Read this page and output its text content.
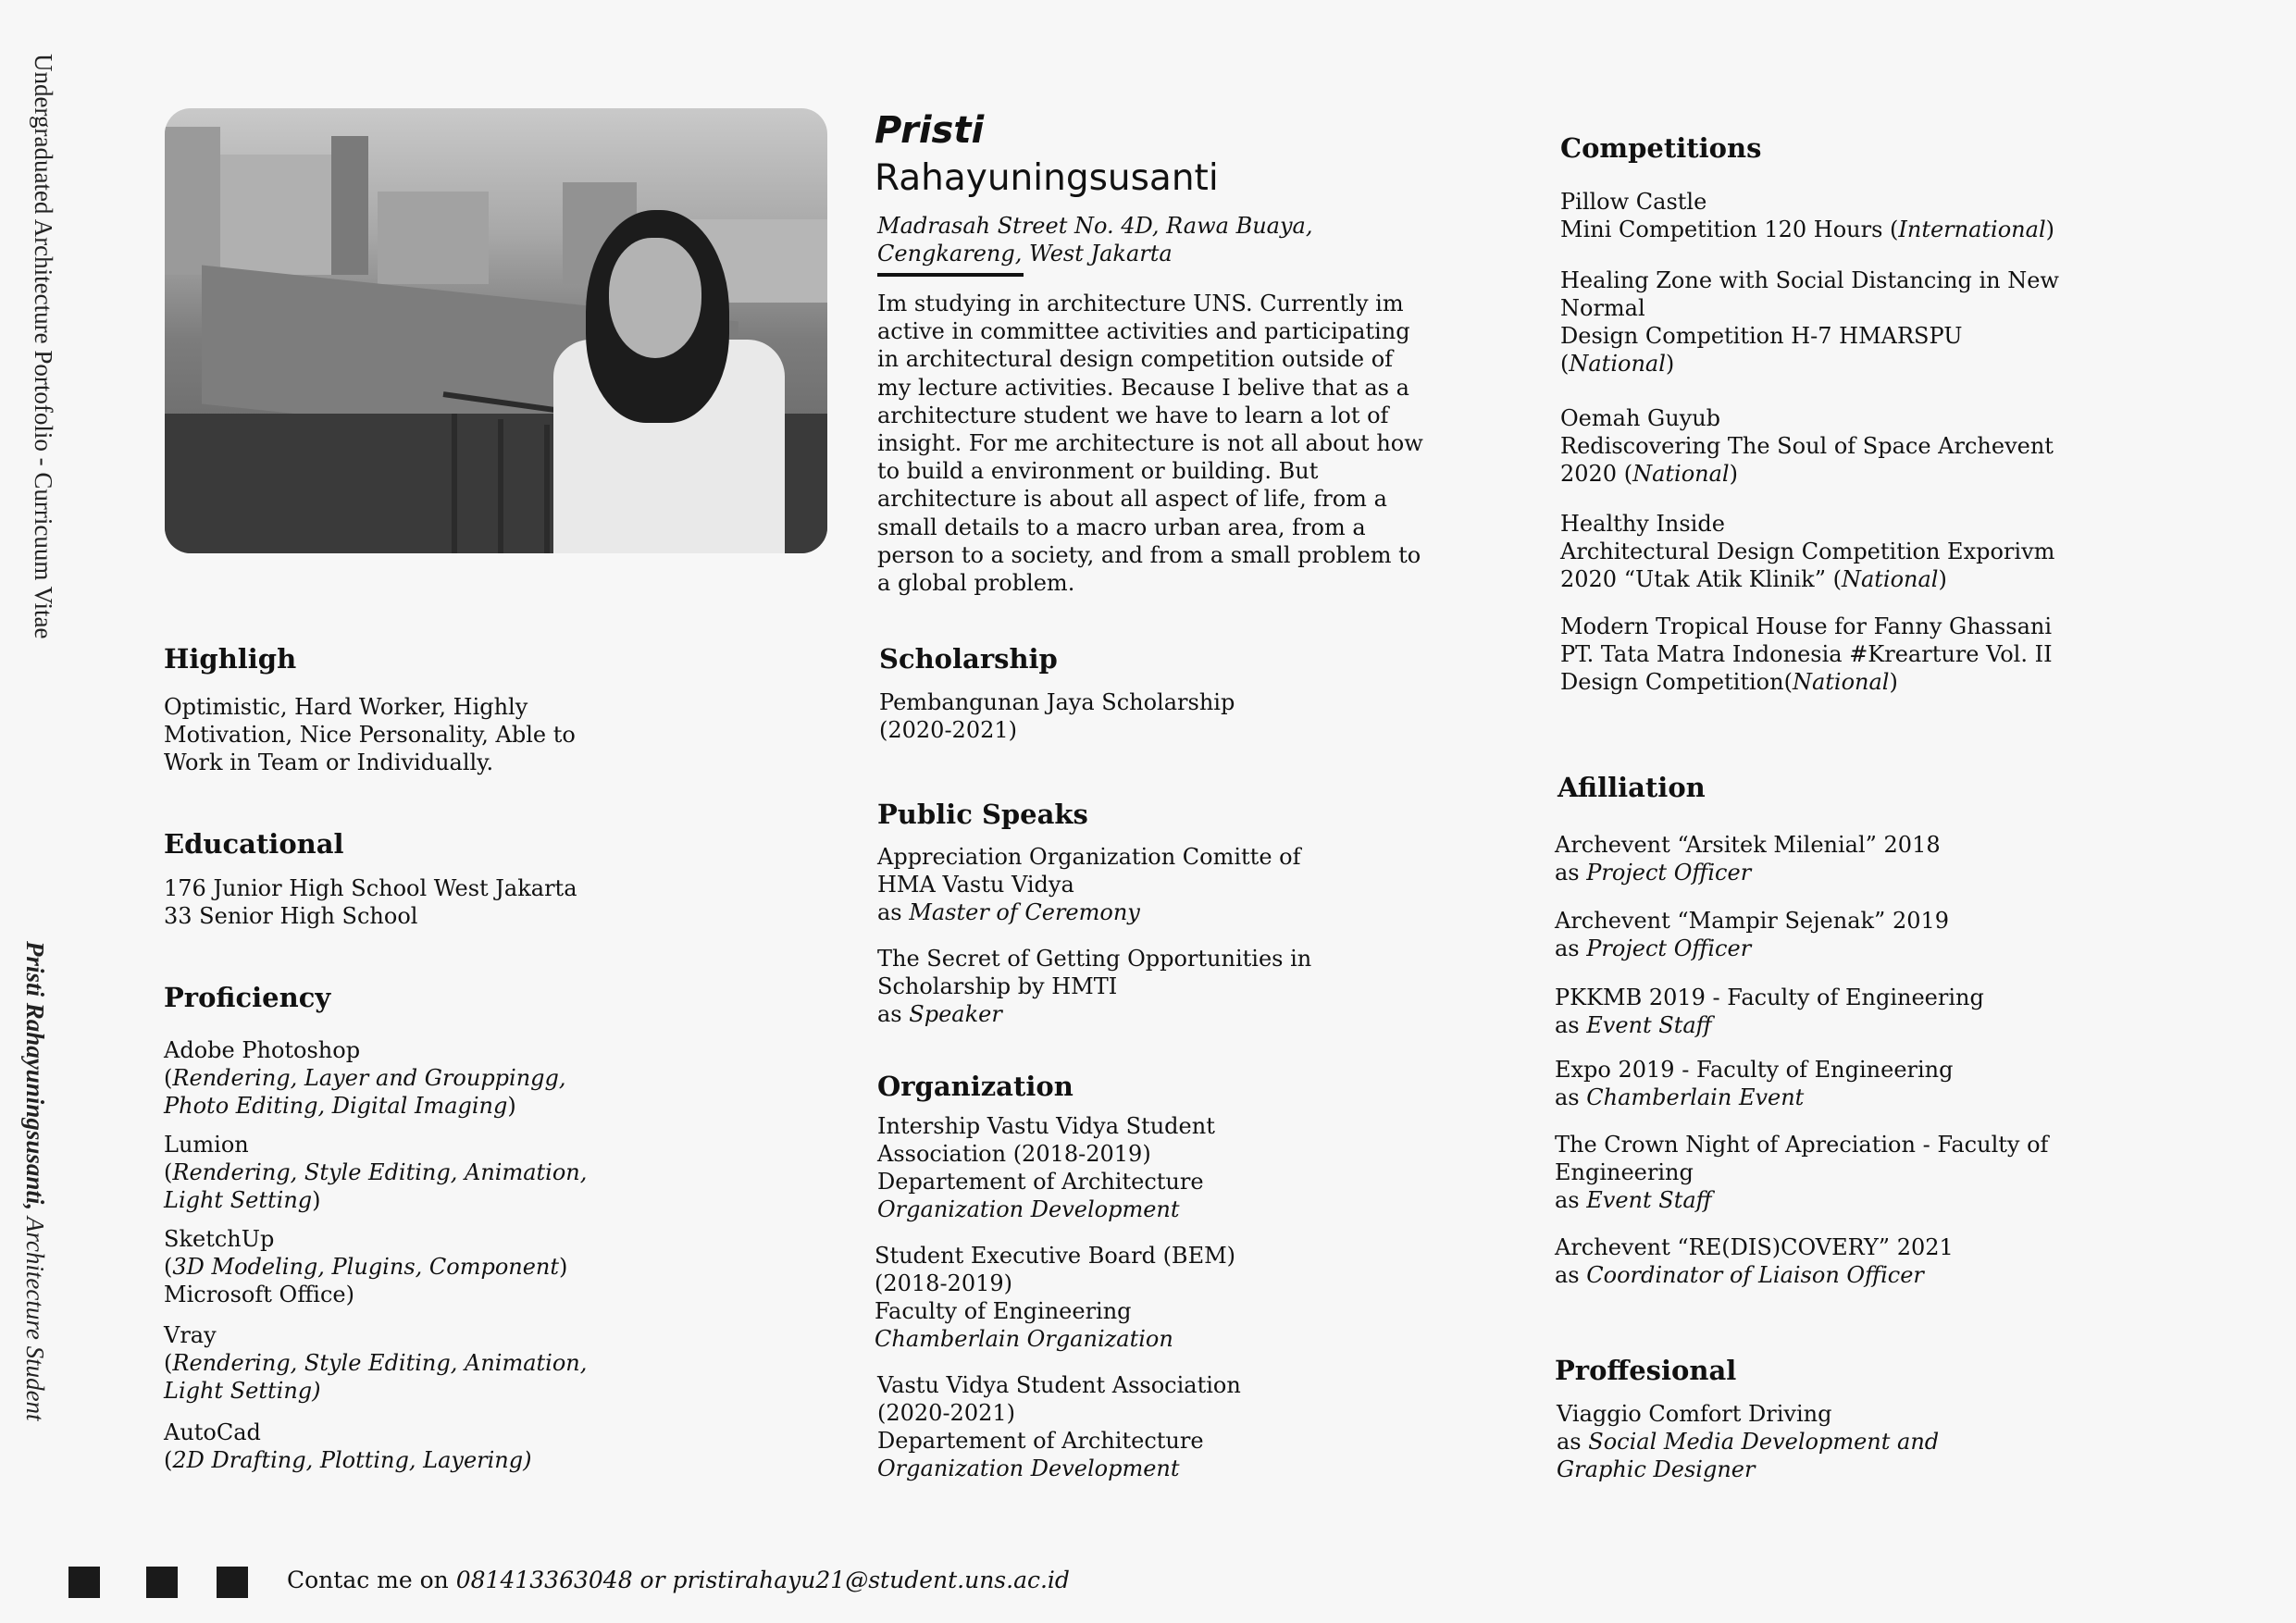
Undergraduated Architecture Portofolio - Curricuum Vitae
Pristi Rahayuningsusanti, Architecture Student
Pristi
Rahayuningsusanti
Madrasah Street No. 4D, Rawa Buaya,
Cengkareng, West Jakarta
Im studying in architecture UNS. Currently im active in committee activities and participating in architectural design competition outside of my lecture activities. Because I belive that as a architecture student we have to learn a lot of insight. For me architecture is not all about how to build a environment or building. But architecture is about all aspect of life, from a small details to a macro urban area, from a person to a society, and from a small problem to a global problem.
Highligh
Optimistic, Hard Worker, Highly
Motivation, Nice Personality, Able to
Work in Team or Individually.
Educational
176 Junior High School West Jakarta
33 Senior High School
Proficiency
Adobe Photoshop
(Rendering, Layer and Grouppingg,
Photo Editing, Digital Imaging)
Lumion
(Rendering, Style Editing, Animation,
Light Setting)
SketchUp
(3D Modeling, Plugins, Component)
Microsoft Office)
Vray
(Rendering, Style Editing, Animation,
Light Setting)
AutoCad
(2D Drafting, Plotting, Layering)
Scholarship
Pembangunan Jaya Scholarship
(2020-2021)
Public Speaks
Appreciation Organization Comitte of
HMA Vastu Vidya
as Master of Ceremony
The Secret of Getting Opportunities in
Scholarship by HMTI
as Speaker
Organization
Intership Vastu Vidya Student
Association (2018-2019)
Departement of Architecture
Organization Development
Student Executive Board (BEM)
(2018-2019)
Faculty of Engineering
Chamberlain Organization
Vastu Vidya Student Association
(2020-2021)
Departement of Architecture
Organization Development
Competitions
Pillow Castle
Mini Competition 120 Hours (International)
Healing Zone with Social Distancing in New
Normal
Design Competition H-7 HMARSPU
(National)
Oemah Guyub
Rediscovering The Soul of Space Archevent
2020 (National)
Healthy Inside
Architectural Design Competition Exporivm
2020 “Utak Atik Klinik” (National)
Modern Tropical House for Fanny Ghassani
PT. Tata Matra Indonesia #Krearture Vol. II
Design Competition(National)
Afilliation
Archevent “Arsitek Milenial” 2018
as Project Officer
Archevent “Mampir Sejenak” 2019
as Project Officer
PKKMB 2019 - Faculty of Engineering
as Event Staff
Expo 2019 - Faculty of Engineering
as Chamberlain Event
The Crown Night of Apreciation - Faculty of
Engineering
as Event Staff
Archevent “RE(DIS)COVERY” 2021
as Coordinator of Liaison Officer
Proffesional
Viaggio Comfort Driving
as Social Media Development and
Graphic Designer
Contac me on 081413363048 or pristirahayu21@student.uns.ac.id
